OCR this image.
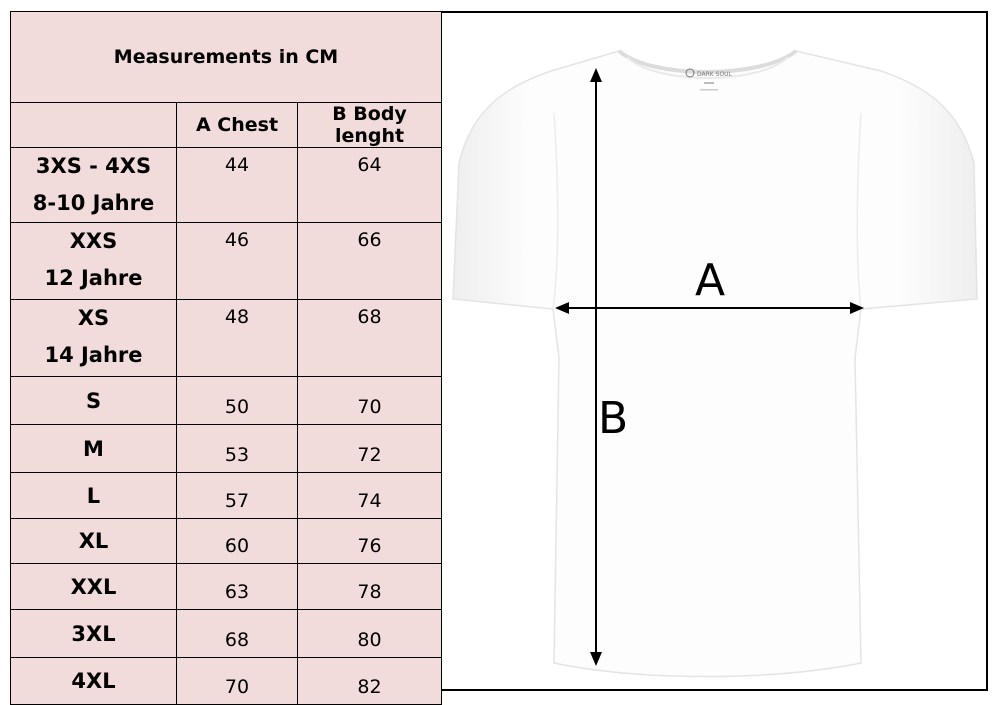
Measurements in CM		
	A Chest	B Body lenght

3XS - 4XS
8-10 Jahre	44	64

XXS
12 Jahre	46	66

XS
14 Jahre	48	68
S	50	70
M	53	72
L	57	74
XL	60	76
XXL	63	78
3XL	68	80
4XL	70	82
DARK SOUL
A
B
